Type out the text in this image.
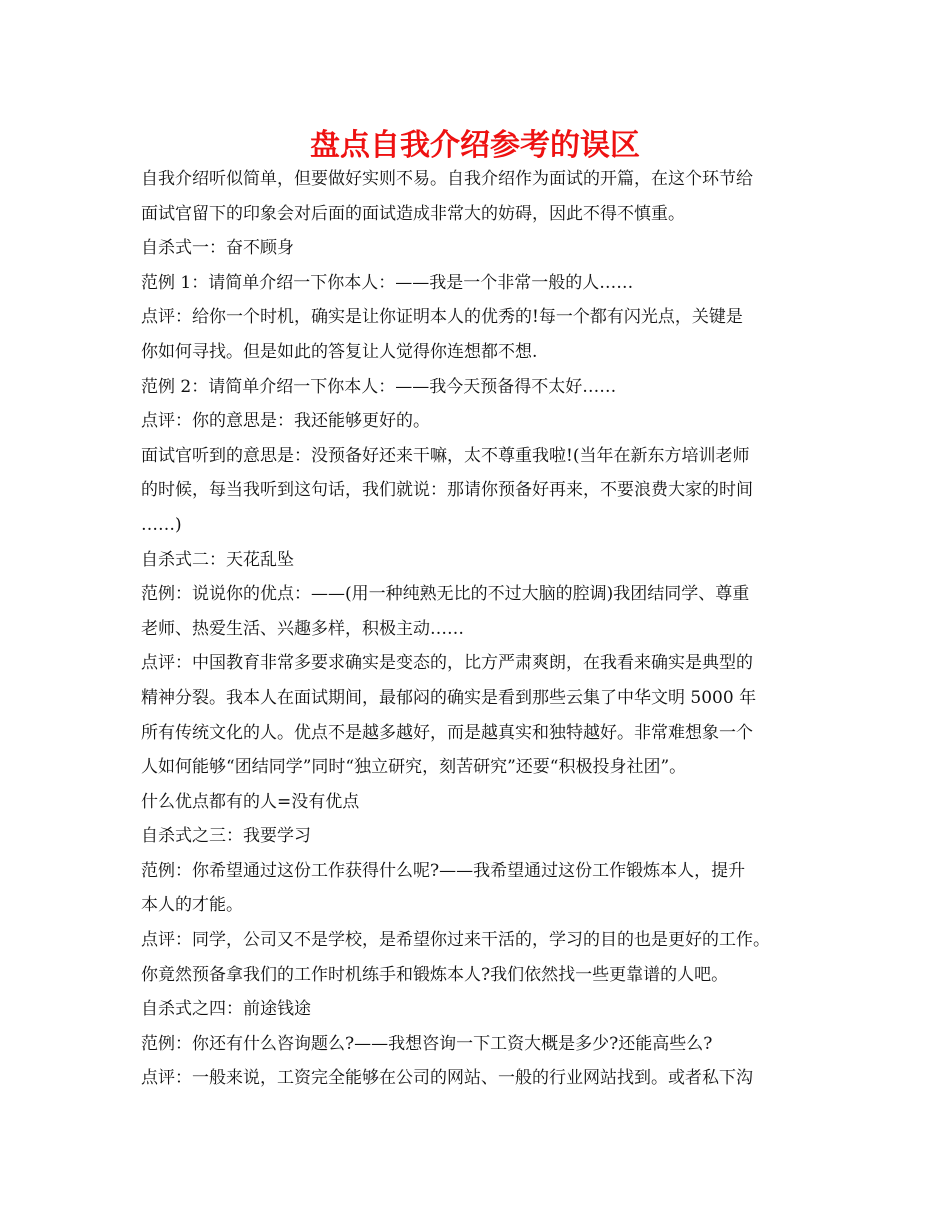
盘点自我介绍参考的误区

自我介绍听似简单，但要做好实则不易。自我介绍作为面试的开篇，在这个环节给

面试官留下的印象会对后面的面试造成非常大的妨碍，因此不得不慎重。

自杀式一：奋不顾身

范例 1：请简单介绍一下你本人：——我是一个非常一般的人……

点评：给你一个时机，确实是让你证明本人的优秀的!每一个都有闪光点，关键是

你如何寻找。但是如此的答复让人觉得你连想都不想.

范例 2：请简单介绍一下你本人：——我今天预备得不太好……

点评：你的意思是：我还能够更好的。

面试官听到的意思是：没预备好还来干嘛，太不尊重我啦!(当年在新东方培训老师

的时候，每当我听到这句话，我们就说：那请你预备好再来，不要浪费大家的时间

……)

自杀式二：天花乱坠

范例：说说你的优点：——(用一种纯熟无比的不过大脑的腔调)我团结同学、尊重

老师、热爱生活、兴趣多样，积极主动……

点评：中国教育非常多要求确实是变态的，比方严肃爽朗，在我看来确实是典型的

精神分裂。我本人在面试期间，最郁闷的确实是看到那些云集了中华文明 5000 年

所有传统文化的人。优点不是越多越好，而是越真实和独特越好。非常难想象一个

人如何能够“团结同学”同时“独立研究，刻苦研究”还要“积极投身社团”。

什么优点都有的人=没有优点

自杀式之三：我要学习

范例：你希望通过这份工作获得什么呢?——我希望通过这份工作锻炼本人，提升

本人的才能。

点评：同学，公司又不是学校，是希望你过来干活的，学习的目的也是更好的工作。

你竟然预备拿我们的工作时机练手和锻炼本人?我们依然找一些更靠谱的人吧。

自杀式之四：前途钱途

范例：你还有什么咨询题么?——我想咨询一下工资大概是多少?还能高些么?

点评：一般来说，工资完全能够在公司的网站、一般的行业网站找到。或者私下沟
